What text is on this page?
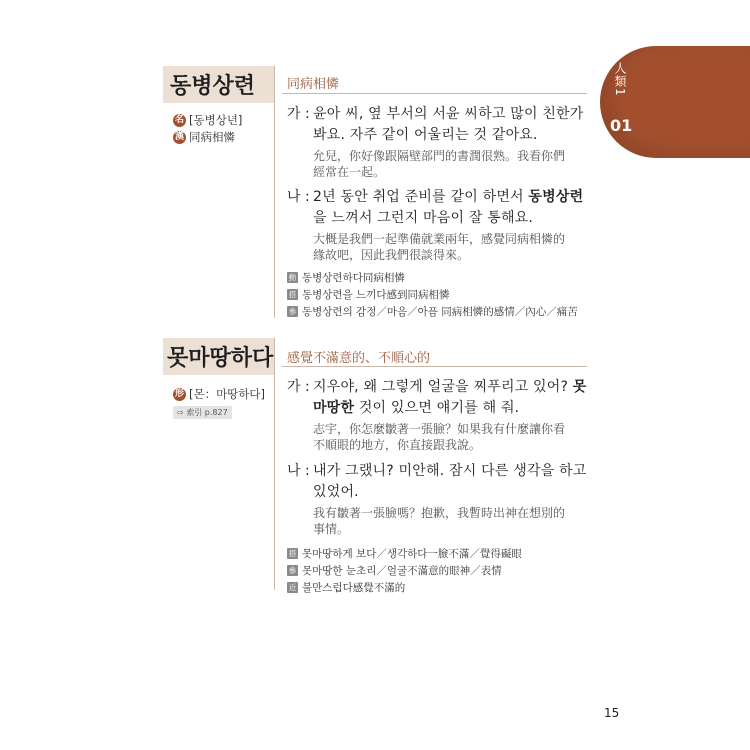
人類1
01
동병상련 同病相憐
名 [동병상년]
漢 同病相憐
가 : 윤아 씨, 옆 부서의 서윤 씨하고 많이 친한가
봐요. 자주 같이 어울리는 것 같아요.
允兒，你好像跟隔壁部門的書潤很熟。我看你們
經常在一起。
나 : 2년 동안 취업 준비를 같이 하면서 동병상련
을 느껴서 그런지 마음이 잘 통해요.
大概是我們一起準備就業兩年，感覺同病相憐的
緣故吧，因此我們很談得來。
動 동병상련하다同病相憐
搭 동병상련을 느끼다感到同病相憐
參 동병상련의 감정／마음／아픔 同病相憐的感情／內心／痛苦
못마땅하다 感覺不滿意的、不順心的
形 [몬：마땅하다]
⇨ 索引 p.827
가 : 지우야, 왜 그렇게 얼굴을 찌푸리고 있어? 못
마땅한 것이 있으면 얘기를 해 줘.
志宇，你怎麼皺著一張臉？如果我有什麼讓你看
不順眼的地方，你直接跟我說。
나 : 내가 그랬니? 미안해. 잠시 다른 생각을 하고
있었어.
我有皺著一張臉嗎？抱歉，我暫時出神在想別的
事情。
搭 못마땅하게 보다／생각하다一臉不滿／覺得礙眼
參 못마땅한 눈초리／얼굴不滿意的眼神／表情
近 불만스럽다感覺不滿的
15
